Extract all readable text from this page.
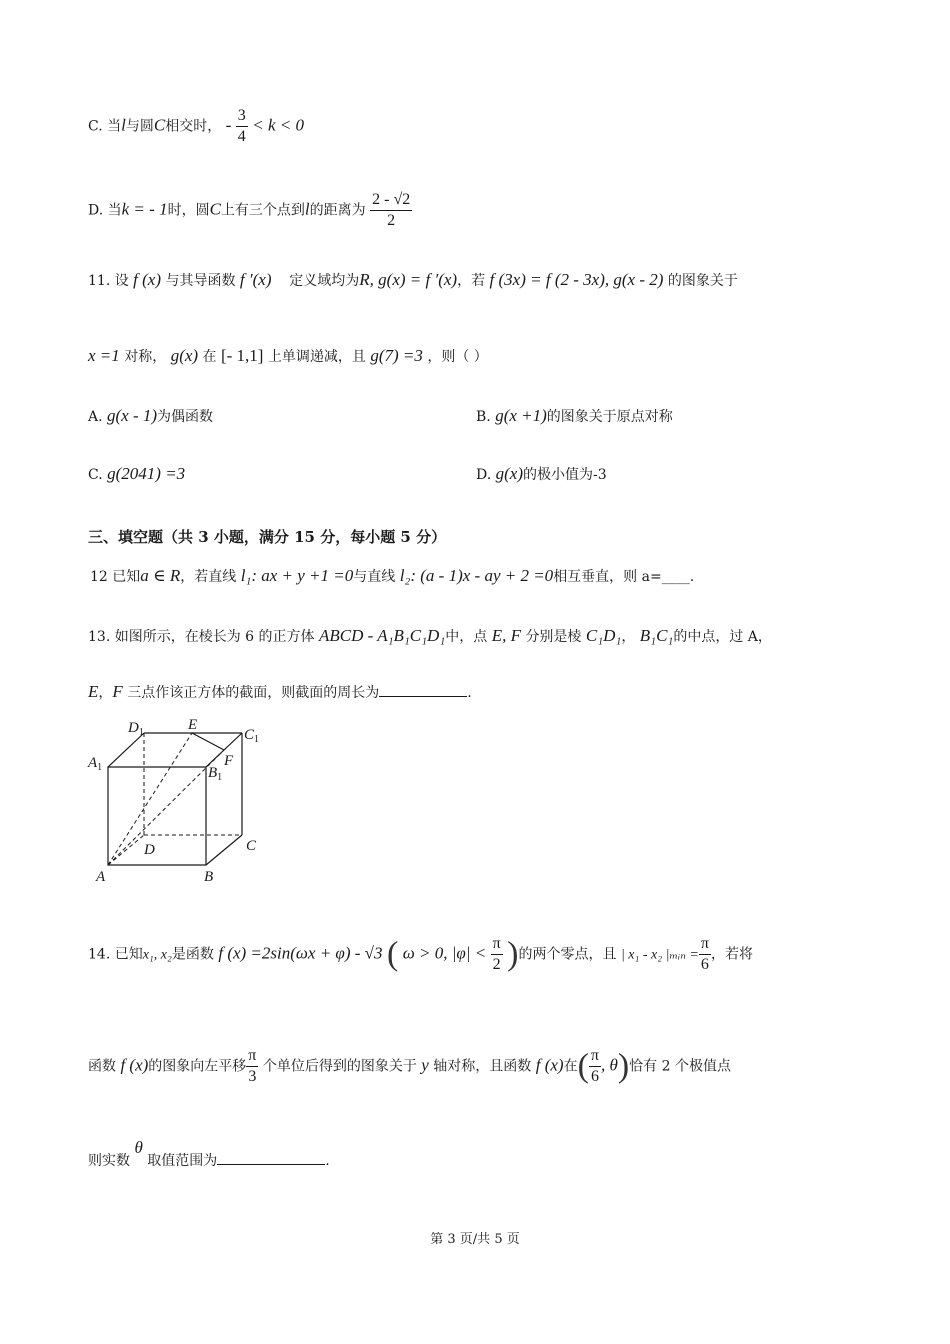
C. 当l与圆C相交时， - $\frac{3}{4} < k < 0$
D. 当k = - 1时，圆C上有三个点到l的距离为 $\frac{2 - √2}{2}$
11. 设 f (x) 与其导函数 f ′(x) 定义域均为R, g(x) = f ′(x)，若 f (3x) = f (2 - 3x), g(x - 2) 的图象关于
x =1 对称， g(x) 在 [- 1,1] 上单调递减，且 g(7) =3 ，则（ ）
A. g(x - 1)为偶函数	B. g(x +1)的图象关于原点对称
C. g(2041) =3	D. g(x)的极小值为-3
三、填空题（共 3 小题，满分 15 分，每小题 5 分）
12 已知a ∈ R，若直线 l₁: ax + y +1 =0与直线 l₂: (a - 1)x - ay + 2 =0相互垂直，则 a=____.
13. 如图所示，在棱长为 6 的正方体 ABCD - A₁B₁C₁D₁中，点 E, F 分别是棱 C₁D₁， B₁C₁的中点，过 A，
E，F 三点作该正方体的截面，则截面的周长为	.
$D_1$	E
$C_1$
$A_1$	$B_1$
F
D	C
A	B
14. 已知x₁, x₂是函数 f (x) =2sin(ωx + φ) - √3 ( ω > 0, $|\varphi| < \frac{\pi}{2}$ )的两个零点，且 | x₁ - x₂ |ₘᵢₙ = $\frac{\pi}{6}$ ，若将
函数 f (x)的图象向左平移 $\frac{\pi}{3}$ 个单位后得到的图象关于 y 轴对称，且函数 f (x)在( $\frac{\pi}{6}$ , θ)恰有 2 个极值点
则实数 θ 取值范围为	.
第 3 页/共 5 页
